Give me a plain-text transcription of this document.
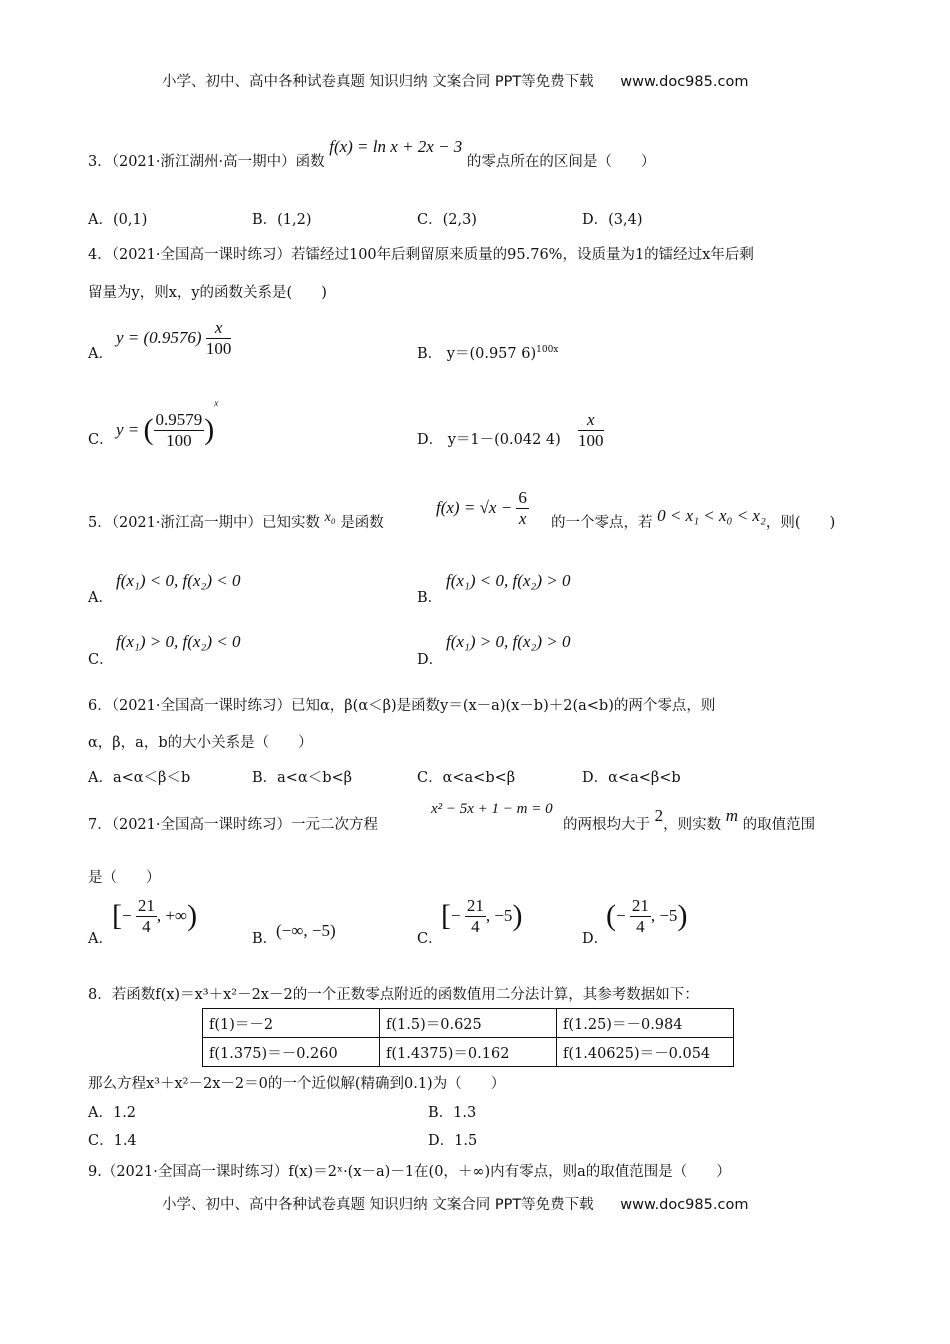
小学、初中、高中各种试卷真题 知识归纳 文案合同 PPT等免费下载 www.doc985.com
3．（2021·浙江湖州·高一期中）函数 f(x) = ln x + 2x − 3 的零点所在的区间是（　　）
A．(0,1)	B．(1,2)	C．(2,3)	D．(3,4)
4．（2021·全国高一课时练习）若镭经过100年后剩留原来质量的95.76%，设质量为1的镭经过x年后剩
留量为y，则x，y的函数关系是(　　)
A．
$y = (0.9576) \frac{x}{100}$	B． y＝(0.957 6)$^{100x}$
C．
y = ( $\frac{0.9579}{100} )^x$
D． y＝1－(0.042 $4) \frac{x}{100}$
5．（2021·浙江高一期中）已知实数 x₀ 是函数
$f(x) = √x - \frac{6}{x}$ 的一个零点，若 0 < x₁ < x₀ < x₂，则(　　)
A．
f(x₁) < 0, f(x₂) < 0
B．
f(x₁) < 0, f(x₂) > 0
C．
f(x₁) > 0, f(x₂) < 0
D．
f(x₁) > 0, f(x₂) > 0
6．（2021·全国高一课时练习）已知α，β(α＜β)是函数y＝(x－a)(x－b)＋2(a<b)的两个零点，则
α，β，a，b的大小关系是（　　）
A．a<α＜β＜b	B．a<α＜b<β	C．α<a<b<β	D．α<a<β<b
7．（2021·全国高一课时练习）一元二次方程
x² − 5x + 1 − m = 0
的两根均大于 2，则实数 m 的取值范围
是（　　）
A．
[− $\frac{21}{4}$ , +∞)
B．
(−∞, −5)	C．
[− $\frac{21}{4}$ , −5)
D．
(− $\frac{21}{4}$ , −5)
8．若函数f(x)＝x³＋x²－2x－2的一个正数零点附近的函数值用二分法计算，其参考数据如下：
f(1)＝－2	f(1.5)＝0.625	f(1.25)＝－0.984
f(1.375)＝－0.260	f(1.4375)＝0.162	f(1.40625)＝－0.054
那么方程x³＋x²－2x－2＝0的一个近似解(精确到0.1)为（　　）
A．1.2	B．1.3
C．1.4	D．1.5
9.（2021·全国高一课时练习）f(x)＝2ˣ·(x－a)－1在(0，＋∞)内有零点，则a的取值范围是（　　）
小学、初中、高中各种试卷真题 知识归纳 文案合同 PPT等免费下载 www.doc985.com
